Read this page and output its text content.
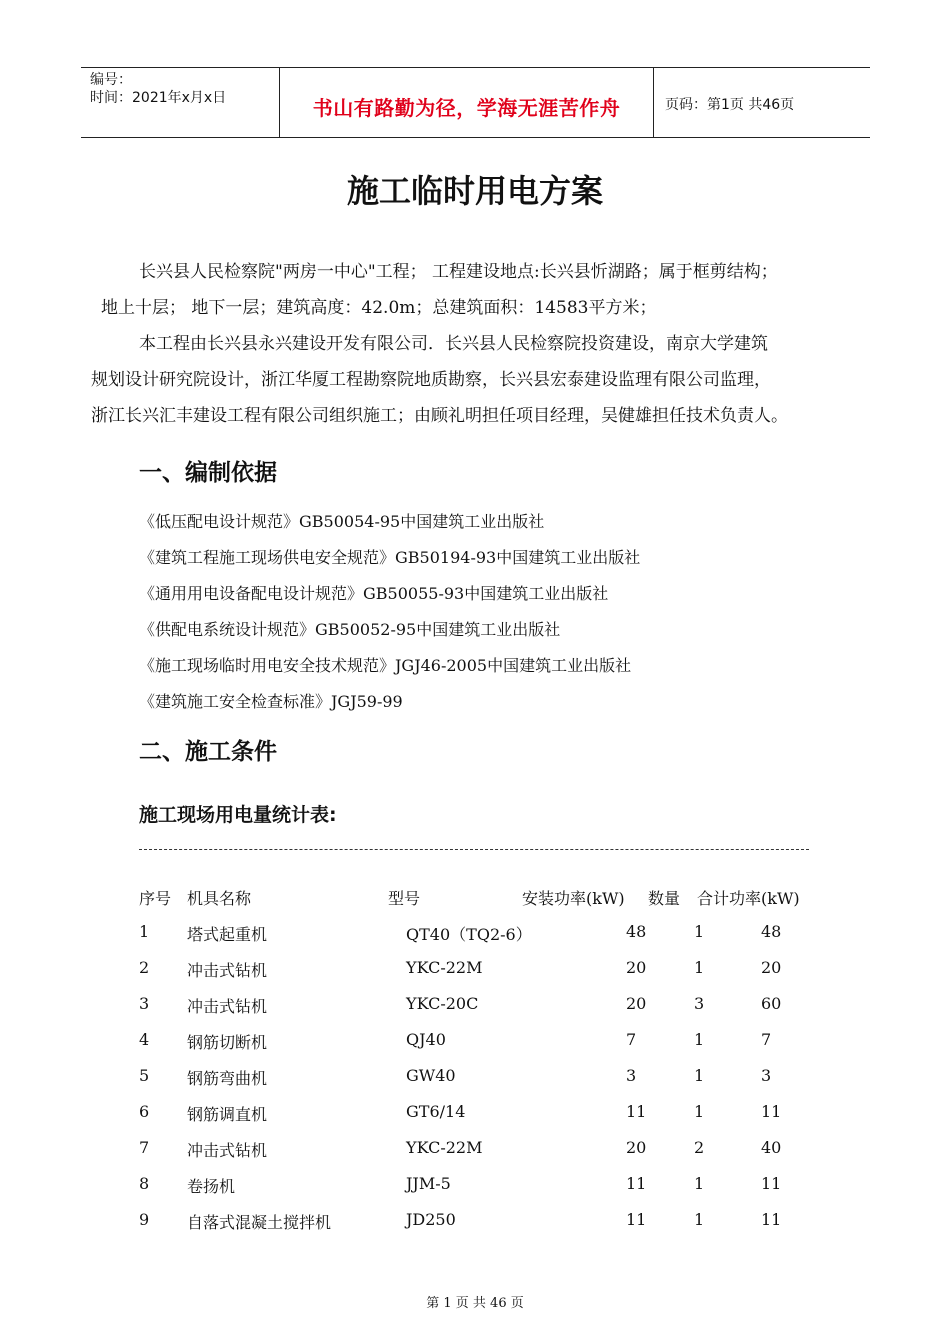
编号：
时间：2021年x月x日	书山有路勤为径，学海无涯苦作舟	页码：第1页 共46页
施工临时用电方案
长兴县人民检察院"两房一中心"工程； 工程建设地点:长兴县忻湖路；属于框剪结构；
地上十层； 地下一层；建筑高度：42.0m；总建筑面积：14583平方米；
本工程由长兴县永兴建设开发有限公司．长兴县人民检察院投资建设，南京大学建筑
规划设计研究院设计，浙江华厦工程勘察院地质勘察，长兴县宏泰建设监理有限公司监理，
浙江长兴汇丰建设工程有限公司组织施工；由顾礼明担任项目经理，吴健雄担任技术负责人。
一、编制依据
《低压配电设计规范》GB50054-95中国建筑工业出版社
《建筑工程施工现场供电安全规范》GB50194-93中国建筑工业出版社
《通用用电设备配电设计规范》GB50055-93中国建筑工业出版社
《供配电系统设计规范》GB50052-95中国建筑工业出版社
《施工现场临时用电安全技术规范》JGJ46-2005中国建筑工业出版社
《建筑施工安全检查标准》JGJ59-99
二、施工条件
施工现场用电量统计表:
序号 机具名称	型号	安装功率(kW) 数量 合计功率(kW)
1 塔式起重机	QT40（TQ2-6）	48	1	48
2 冲击式钻机	YKC-22M	20	1	20
3 冲击式钻机	YKC-20C	20	3	60
4 钢筋切断机	QJ40	7	1	7
5 钢筋弯曲机	GW40	3	1	3
6 钢筋调直机	GT6/14	11	1	11
7 冲击式钻机	YKC-22M	20	2	40
8 卷扬机	JJM-5	11	1	11
9 自落式混凝土搅拌机	JD250	11	1	11
第 1 页 共 46 页
